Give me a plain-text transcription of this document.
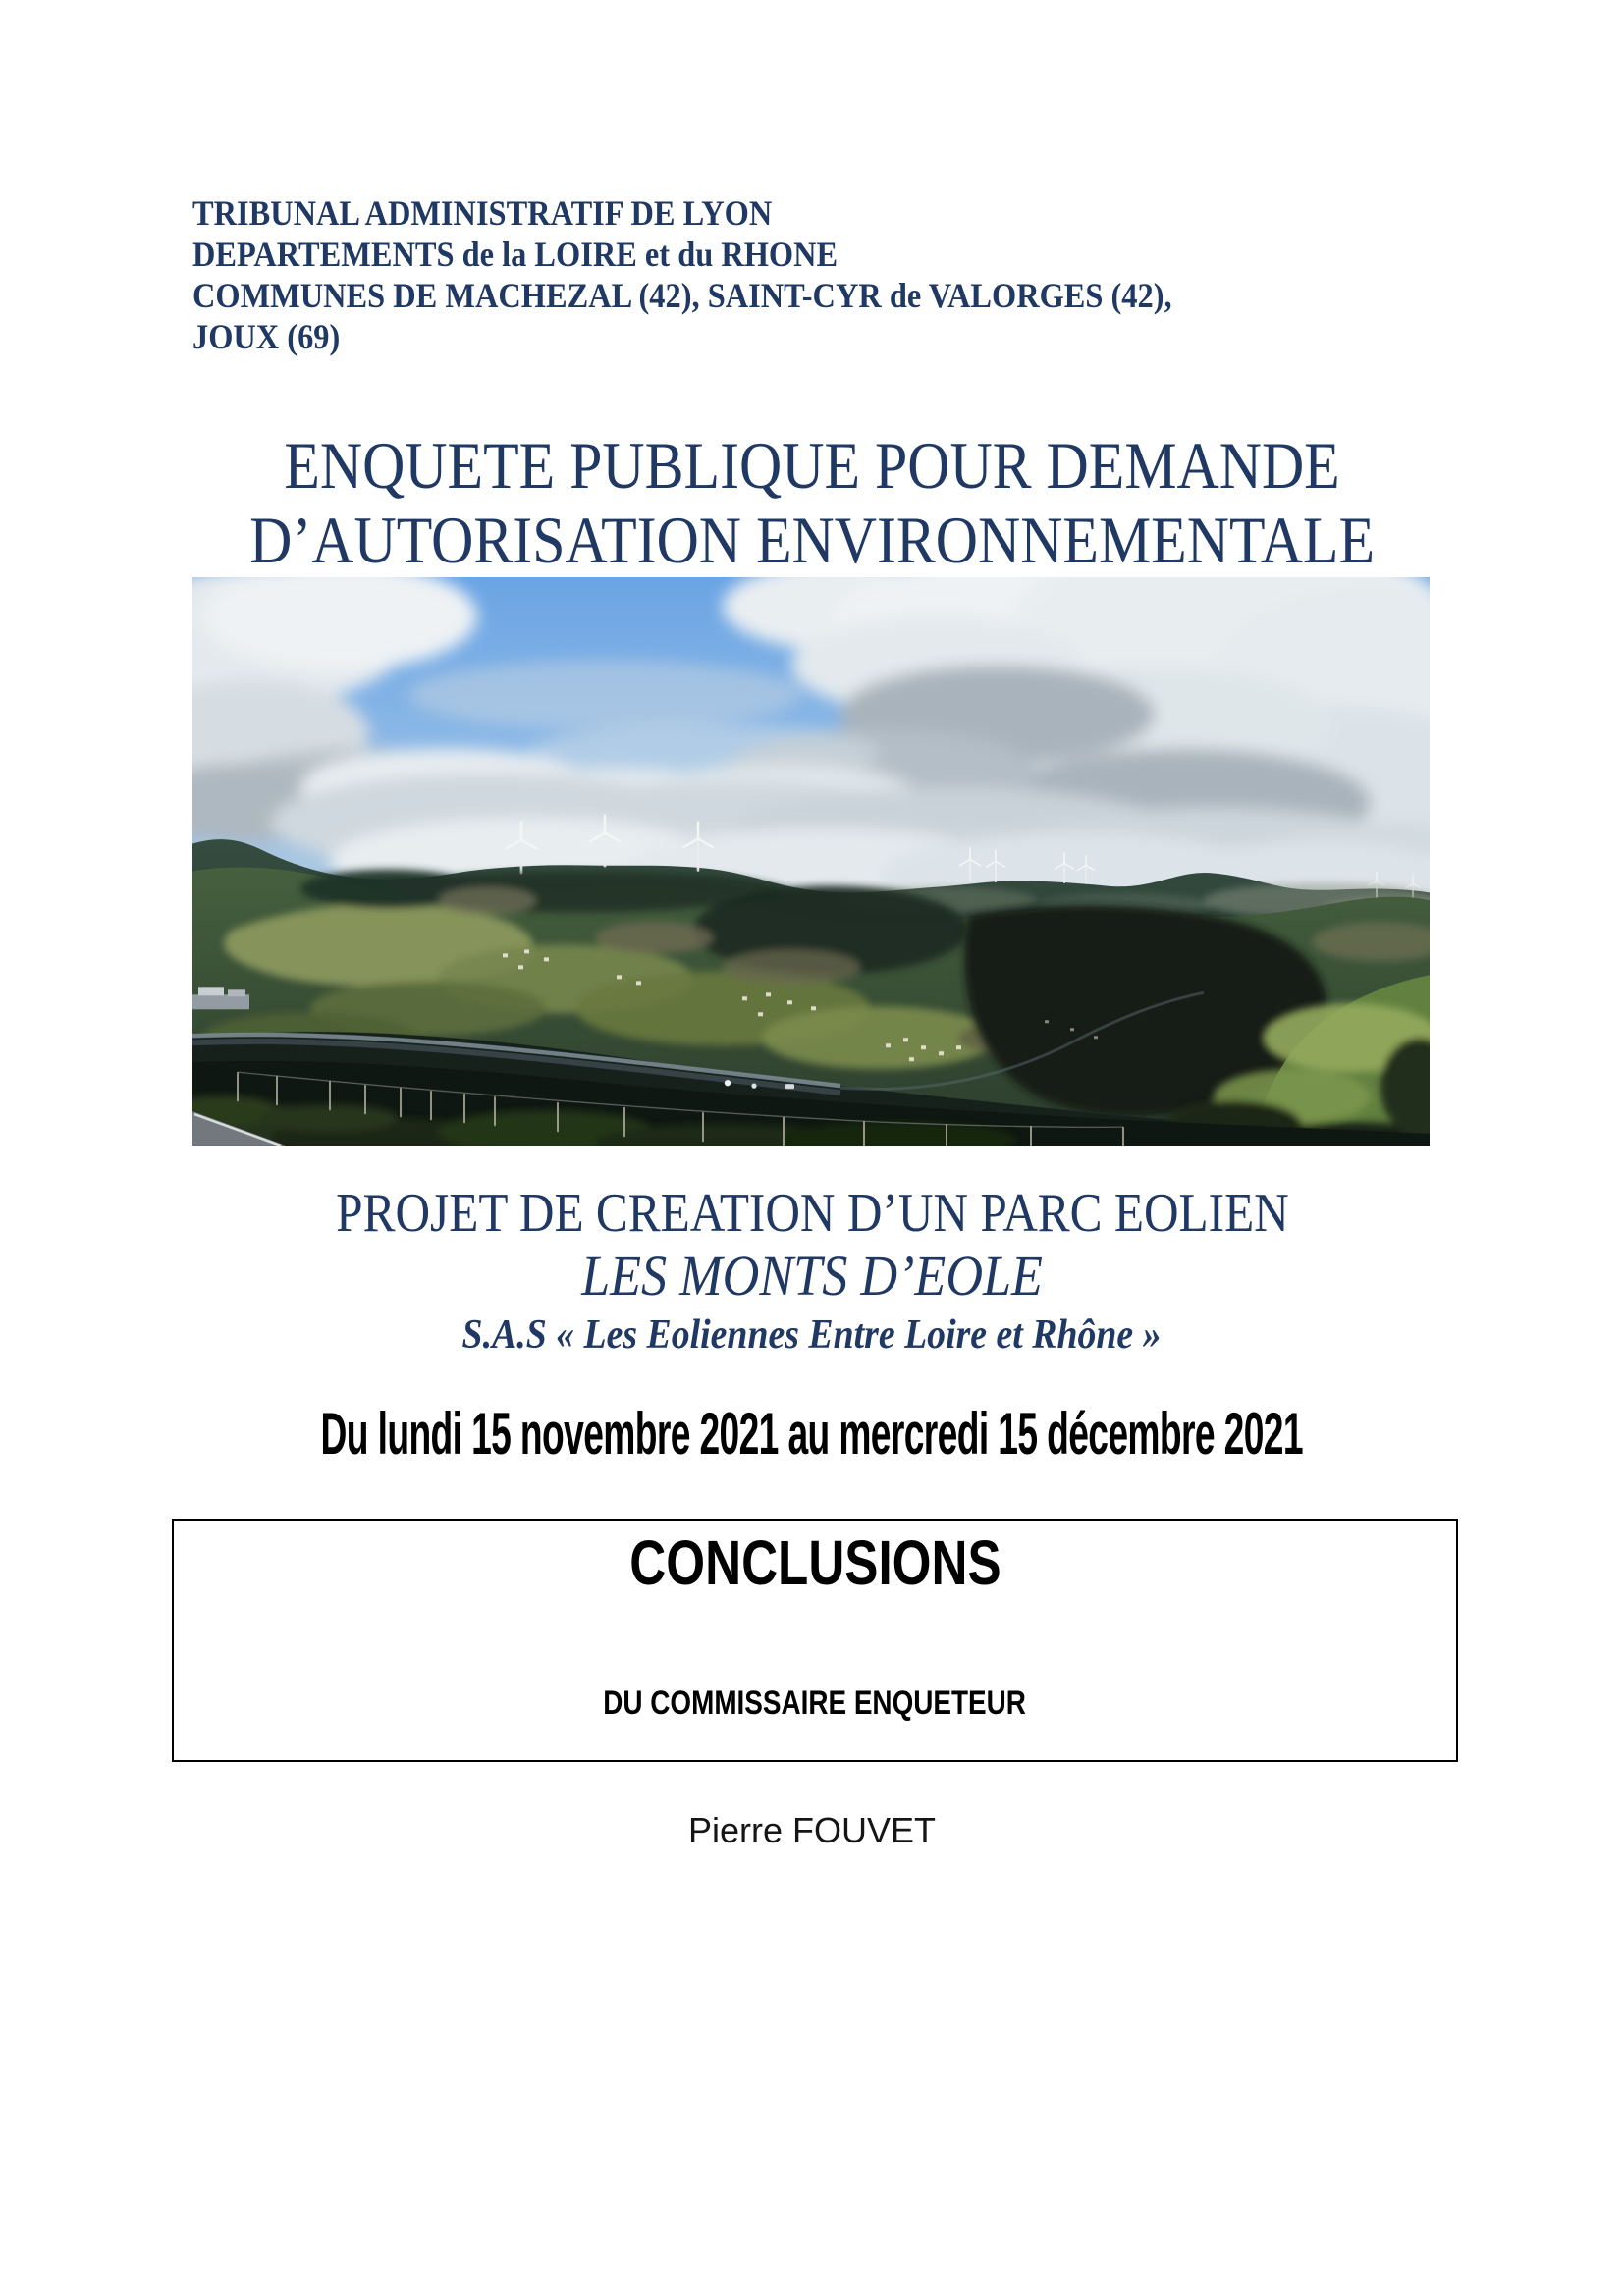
TRIBUNAL ADMINISTRATIF DE LYON
DEPARTEMENTS de la LOIRE et du RHONE
COMMUNES DE MACHEZAL (42), SAINT-CYR de VALORGES (42),
JOUX (69)
ENQUETE PUBLIQUE POUR DEMANDE
D’AUTORISATION ENVIRONNEMENTALE
PROJET DE CREATION D’UN PARC EOLIEN
LES MONTS D’EOLE
S.A.S « Les Eoliennes Entre Loire et Rhône »
Du lundi 15 novembre 2021 au mercredi 15 décembre 2021
CONCLUSIONS
DU COMMISSAIRE ENQUETEUR
Pierre FOUVET
